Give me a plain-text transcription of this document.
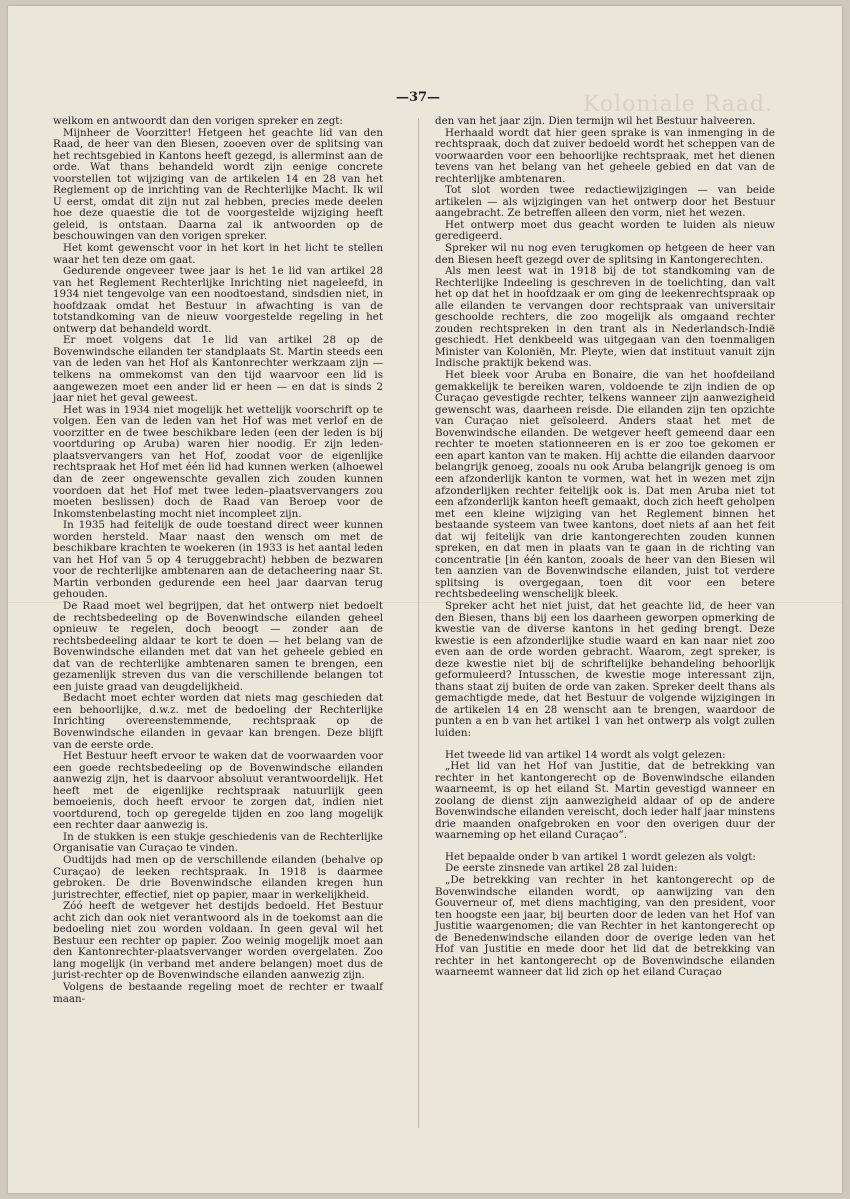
Koloniale Raad.
—37—

welkom en antwoordt dan den vorigen spreker en zegt:

Mijnheer de Voorzitter! Hetgeen het geachte lid van den Raad, de heer van den Biesen, zooeven over de splitsing van het rechtsgebied in Kantons heeft gezegd, is allerminst aan de orde. Wat thans behandeld wordt zijn eenige concrete voorstellen tot wijziging van de artikelen 14 en 28 van het Reglement op de inrichting van de Rechterlijke Macht. Ik wil U eerst, omdat dit zijn nut zal hebben, precies mede deelen hoe deze quaestie die tot de voorgestelde wijziging heeft geleid, is ontstaan. Daarna zal ik antwoorden op de beschouwingen van den vorigen spreker.

Het komt gewenscht voor in het kort in het licht te stellen waar het ten deze om gaat.

Gedurende ongeveer twee jaar is het 1e lid van artikel 28 van het Reglement Rechterlijke Inrichting niet nageleefd, in 1934 niet tengevolge van een noodtoestand, sindsdien niet, in hoofdzaak omdat het Bestuur in afwachting is van de totstandkoming van de nieuw voorgestelde regeling in het ontwerp dat behandeld wordt.

Er moet volgens dat 1e lid van artikel 28 op de Bovenwindsche eilanden ter standplaats St. Martin steeds een van de leden van het Hof als Kantonrechter werkzaam zijn — telkens na ommekomst van den tijd waarvoor een lid is aangewezen moet een ander lid er heen — en dat is sinds 2 jaar niet het geval geweest.

Het was in 1934 niet mogelijk het wettelijk voorschrift op te volgen. Een van de leden van het Hof was met verlof en de voorzitter en de twee beschikbare leden (een der leden is bij voortduring op Aruba) waren hier noodig. Er zijn leden-plaatsvervangers van het Hof, zoodat voor de eigenlijke rechtspraak het Hof met één lid had kunnen werken (alhoewel dan de zeer ongewenschte gevallen zich zouden kunnen voordoen dat het Hof met twee leden–plaatsvervangers zou moeten beslissen) doch de Raad van Beroep voor de Inkomstenbelasting mocht niet incompleet zijn.

In 1935 had feitelijk de oude toestand direct weer kunnen worden hersteld. Maar naast den wensch om met de beschikbare krachten te woekeren (in 1933 is het aantal leden van het Hof van 5 op 4 teruggebracht) hebben de bezwaren voor de rechterlijke ambtenaren aan de detacheering naar St. Martin verbonden gedurende een heel jaar daarvan terug gehouden.

De Raad moet wel begrijpen, dat het ontwerp niet bedoelt de rechtsbedeeling op de Bovenwindsche eilanden geheel opnieuw te regelen, doch beoogt — zonder aan de rechtsbedeeling aldaar te kort te doen — het belang van de Bovenwindsche eilanden met dat van het geheele gebied en dat van de rechterlijke ambtenaren samen te brengen, een gezamenlijk streven dus van die verschillende belangen tot een juiste graad van deugdelijkheid.

Bedacht moet echter worden dat niets mag geschieden dat een behoorlijke, d.w.z. met de bedoeling der Rechterlijke Inrichting overeenstemmende, rechtspraak op de Bovenwindsche eilanden in gevaar kan brengen. Deze blijft van de eerste orde.

Het Bestuur heeft ervoor te waken dat de voorwaarden voor een goede rechtsbedeeling op de Bovenwindsche eilanden aanwezig zijn, het is daarvoor absoluut verantwoordelijk. Het heeft met de eigenlijke rechtspraak natuurlijk geen bemoeienis, doch heeft ervoor te zorgen dat, indien niet voortdurend, toch op geregelde tijden en zoo lang mogelijk een rechter daar aanwezig is.

In de stukken is een stukje geschiedenis van de Rechterlijke Organisatie van Curaçao te vinden.

Oudtijds had men op de verschillende eilanden (behalve op Curaçao) de leeken rechtspraak. In 1918 is daarmee gebroken. De drie Bovenwindsche eilanden kregen hun juristrechter, effectief, niet op papier, maar in werkelijkheid.

Zóó heeft de wetgever het destijds bedoeld. Het Bestuur acht zich dan ook niet verantwoord als in de toekomst aan die bedoeling niet zou worden voldaan. In geen geval wil het Bestuur een rechter op papier. Zoo weinig mogelijk moet aan den Kantonrechter-plaatsvervanger worden overgelaten. Zoo lang mogelijk (in verband met andere belangen) moet dus de jurist-rechter op de Bovenwindsche eilanden aanwezig zijn.

Volgens de bestaande regeling moet de rechter er twaalf maan-

den van het jaar zijn. Dien termijn wil het Bestuur halveeren.

Herhaald wordt dat hier geen sprake is van inmenging in de rechtspraak, doch dat zuiver bedoeld wordt het scheppen van de voorwaarden voor een behoorlijke rechtspraak, met het dienen tevens van het belang van het geheele gebied en dat van de rechterlijke ambtenaren.

Tot slot worden twee redactiewijzigingen — van beide artikelen — als wijzigingen van het ontwerp door het Bestuur aangebracht. Ze betreffen alleen den vorm, niet het wezen.

Het ontwerp moet dus geacht worden te luiden als nieuw geredigeerd.

Spreker wil nu nog even terugkomen op hetgeen de heer van den Biesen heeft gezegd over de splitsing in Kantongerechten.

Als men leest wat in 1918 bij de tot standkoming van de Rechterlijke Indeeling is geschreven in de toelichting, dan valt het op dat het in hoofdzaak er om ging de leekenrechtspraak op alle eilanden te vervangen door rechtspraak van universitair geschoolde rechters, die zoo mogelijk als omgaand rechter zouden rechtspreken in den trant als in Nederlandsch-Indië geschiedt. Het denkbeeld was uitgegaan van den toenmaligen Minister van Koloniën, Mr. Pleyte, wien dat instituut vanuit zijn Indische praktijk bekend was.

Het bleek voor Aruba en Bonaire, die van het hoofdeiland gemakkelijk te bereiken waren, voldoende te zijn indien de op Curaçao gevestigde rechter, telkens wanneer zijn aanwezigheid gewenscht was, daarheen reisde. Die eilanden zijn ten opzichte van Curaçao niet geïsoleerd. Anders staat het met de Bovenwindsche eilanden. De wetgever heeft gemeend daar een rechter te moeten stationneeren en is er zoo toe gekomen er een apart kanton van te maken. Hij achtte die eilanden daarvoor belangrijk genoeg, zooals nu ook Aruba belangrijk genoeg is om een afzonderlijk kanton te vormen, wat het in wezen met zijn afzonderlijken rechter feitelijk ook is. Dat men Aruba niet tot een afzonderlijk kanton heeft gemaakt, doch zich heeft geholpen met een kleine wijziging van het Reglement binnen het bestaande systeem van twee kantons, doet niets af aan het feit dat wij feitelijk van drie kantongerechten zouden kunnen spreken, en dat men in plaats van te gaan in de richting van concentratie [in één kanton, zooals de heer van den Biesen wil ten aanzien van de Bovenwindsche eilanden, juist tot verdere splitsing is overgegaan, toen dit voor een betere rechtsbedeeling wenschelijk bleek.

Spreker acht het niet juist, dat het geachte lid, de heer van den Biesen, thans bij een los daarheen geworpen opmerking de kwestie van de diverse kantons in het geding brengt. Deze kwestie is een afzonderlijke studie waard en kan naar niet zoo even aan de orde worden gebracht. Waarom, zegt spreker, is deze kwestie niet bij de schriftelijke behandeling behoorlijk geformuleerd? Intusschen, de kwestie moge interessant zijn, thans staat zij buiten de orde van zaken. Spreker deelt thans als gemachtigde mede, dat het Bestuur de volgende wijzigingen in de artikelen 14 en 28 wenscht aan te brengen, waardoor de punten a en b van het artikel 1 van het ontwerp als volgt zullen luiden:

Het tweede lid van artikel 14 wordt als volgt gelezen:

„Het lid van het Hof van Justitie, dat de betrekking van rechter in het kantongerecht op de Bovenwindsche eilanden waarneemt, is op het eiland St. Martin gevestigd wanneer en zoolang de dienst zijn aanwezigheid aldaar of op de andere Bovenwindsche eilanden vereischt, doch ieder half jaar minstens drie maanden onafgebroken en voor den overigen duur der waarneming op het eiland Curaçao”.

Het bepaalde onder b van artikel 1 wordt gelezen als volgt:

De eerste zinsnede van artikel 28 zal luiden:

„De betrekking van rechter in het kantongerecht op de Bovenwindsche eilanden wordt, op aanwijzing van den Gouverneur of, met diens machtiging, van den president, voor ten hoogste een jaar, bij beurten door de leden van het Hof van Justitie waargenomen; die van Rechter in het kantongerecht op de Benedenwindsche eilanden door de overige leden van het Hof van Justitie en mede door het lid dat de betrekking van rechter in het kantongerecht op de Bovenwindsche eilanden waarneemt wanneer dat lid zich op het eiland Curaçao
